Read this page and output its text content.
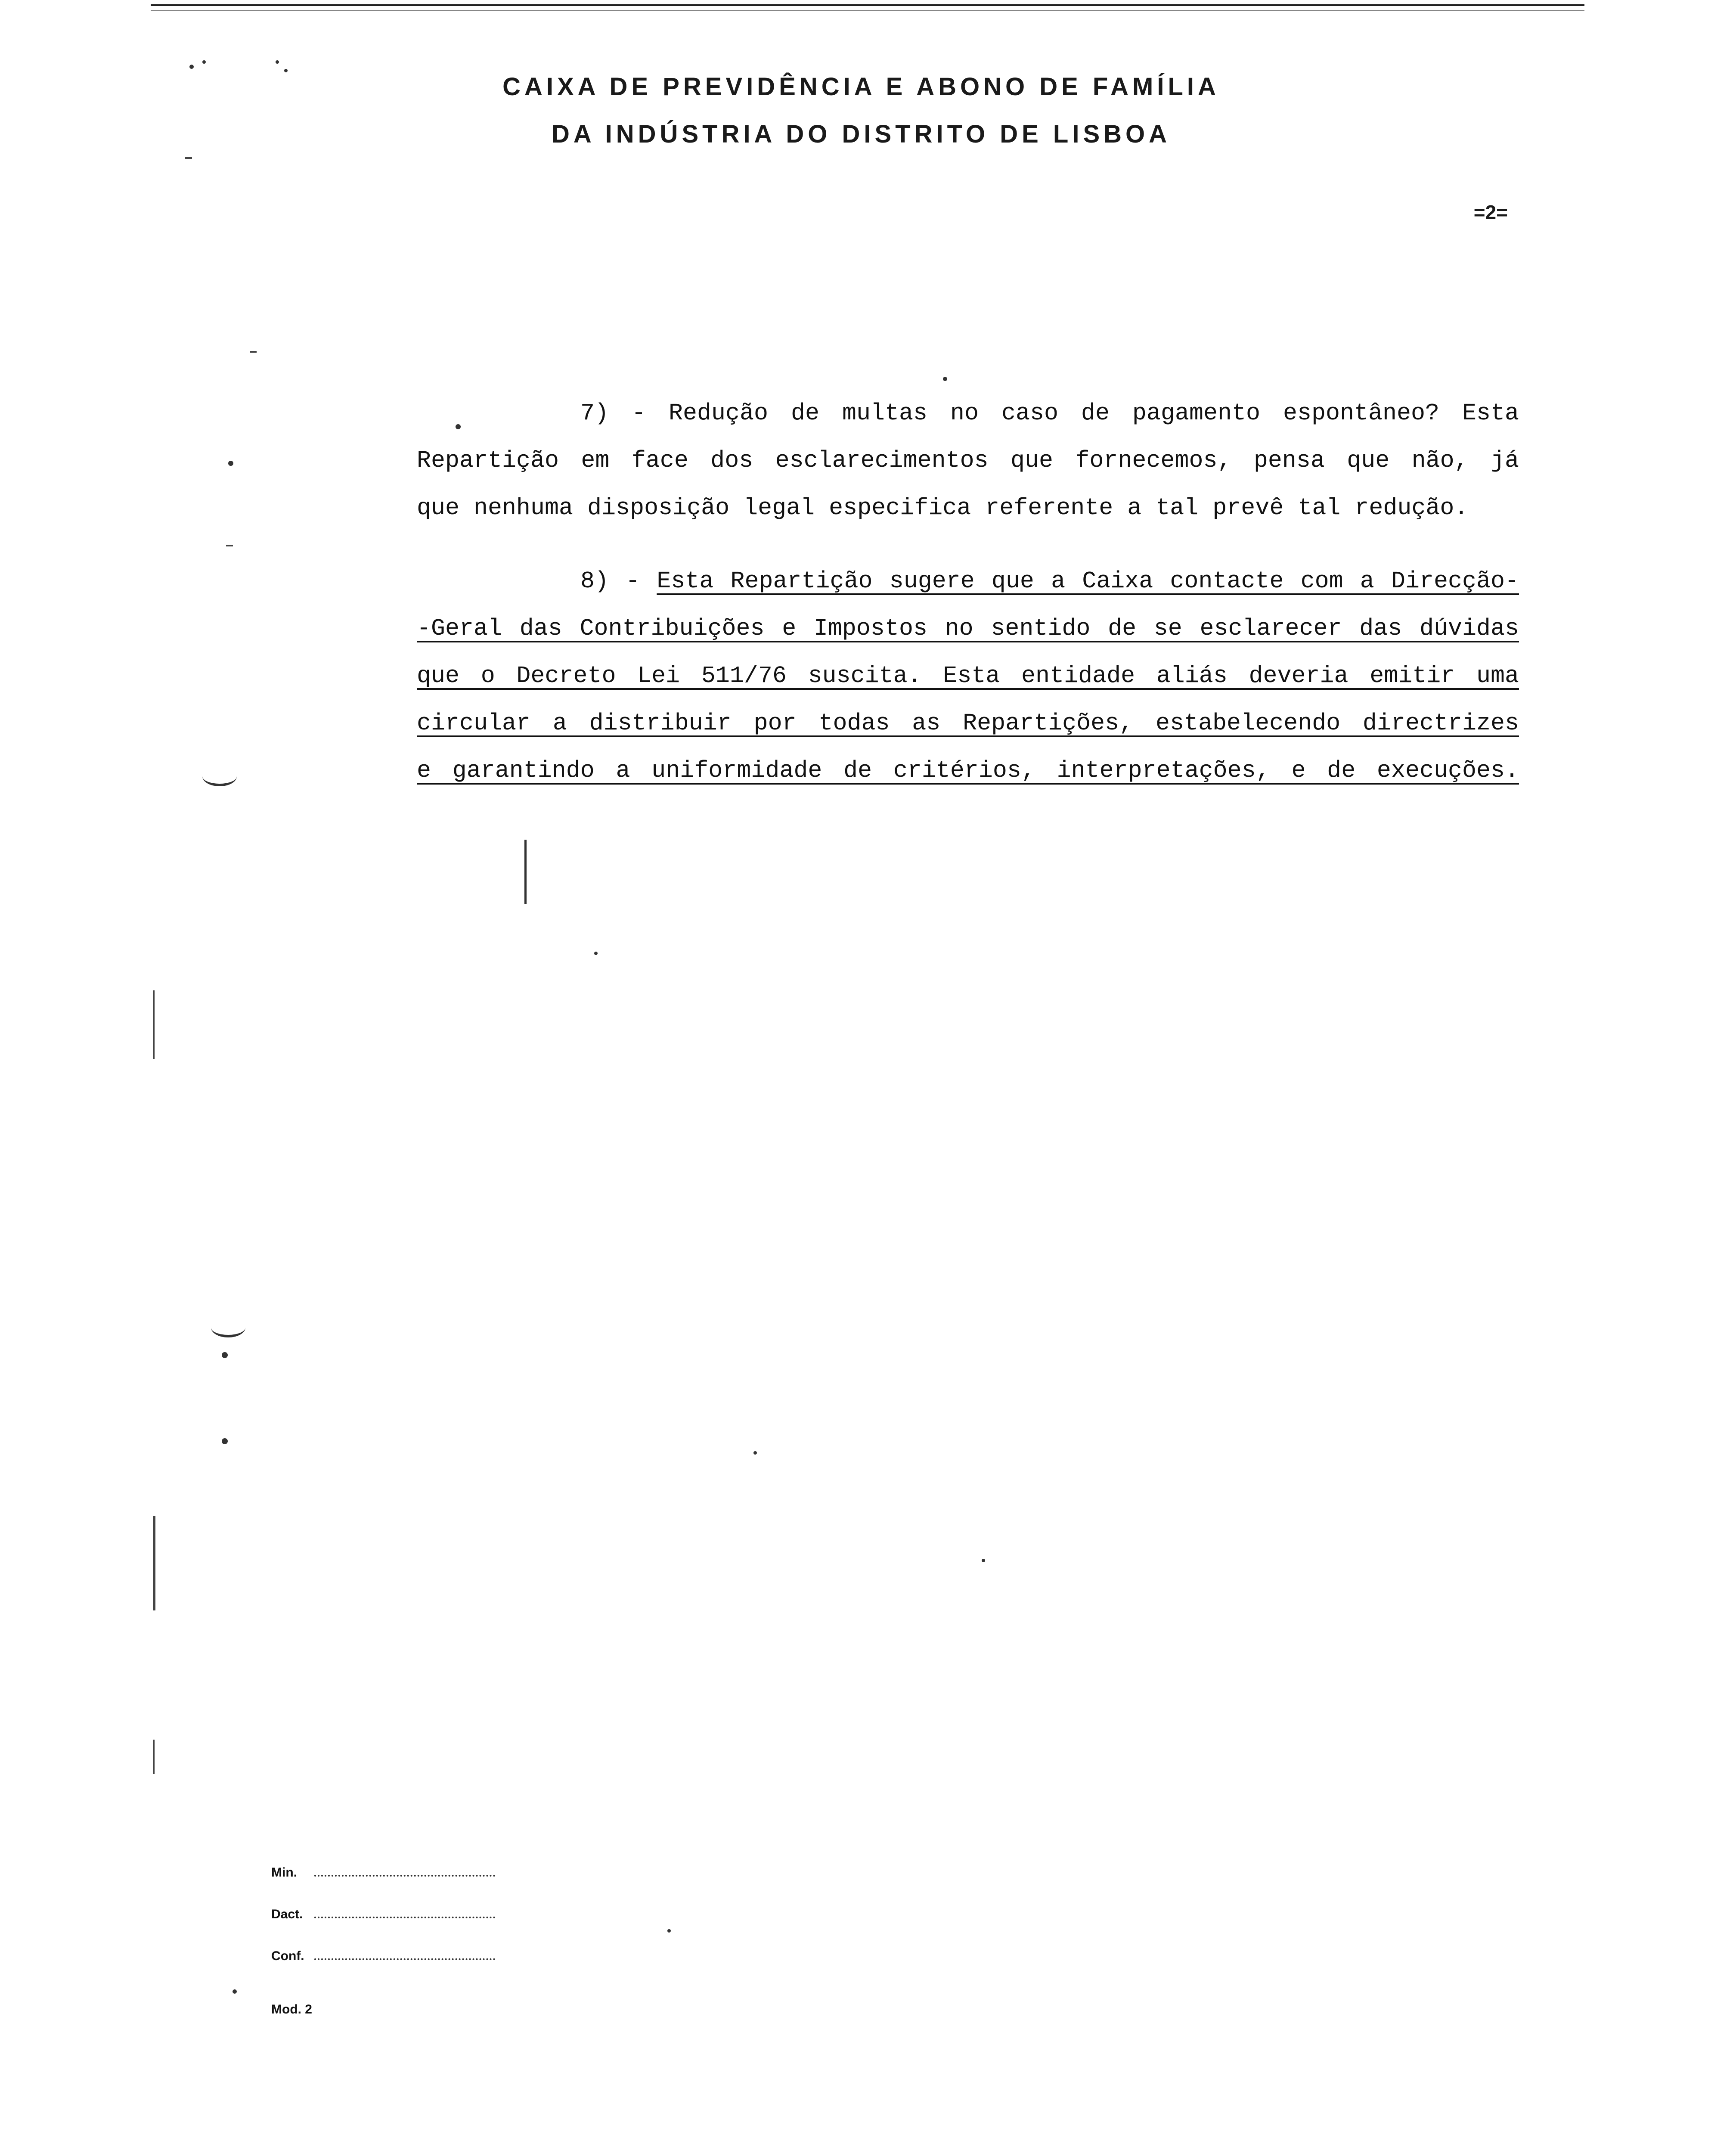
CAIXA DE PREVIDÊNCIA E ABONO DE FAMÍLIA
DA INDÚSTRIA DO DISTRITO DE LISBOA
=2=

7) - Redução de multas no caso de pagamento espontâneo? Esta
Repartição em face dos esclarecimentos que fornecemos, pensa que não, já
que nenhuma disposição legal especifica referente a tal prevê tal redução.

8) - Esta Repartição sugere que a Caixa contacte com a Direcção-
-Geral das Contribuições e Impostos no sentido de se esclarecer das dúvidas
que o Decreto Lei 511/76 suscita. Esta entidade aliás deveria emitir uma
circular a distribuir por todas as Repartições, estabelecendo directrizes
e garantindo a uniformidade de critérios, interpretações, e de execuções.

Min.
Dact.
Conf.
Mod. 2
